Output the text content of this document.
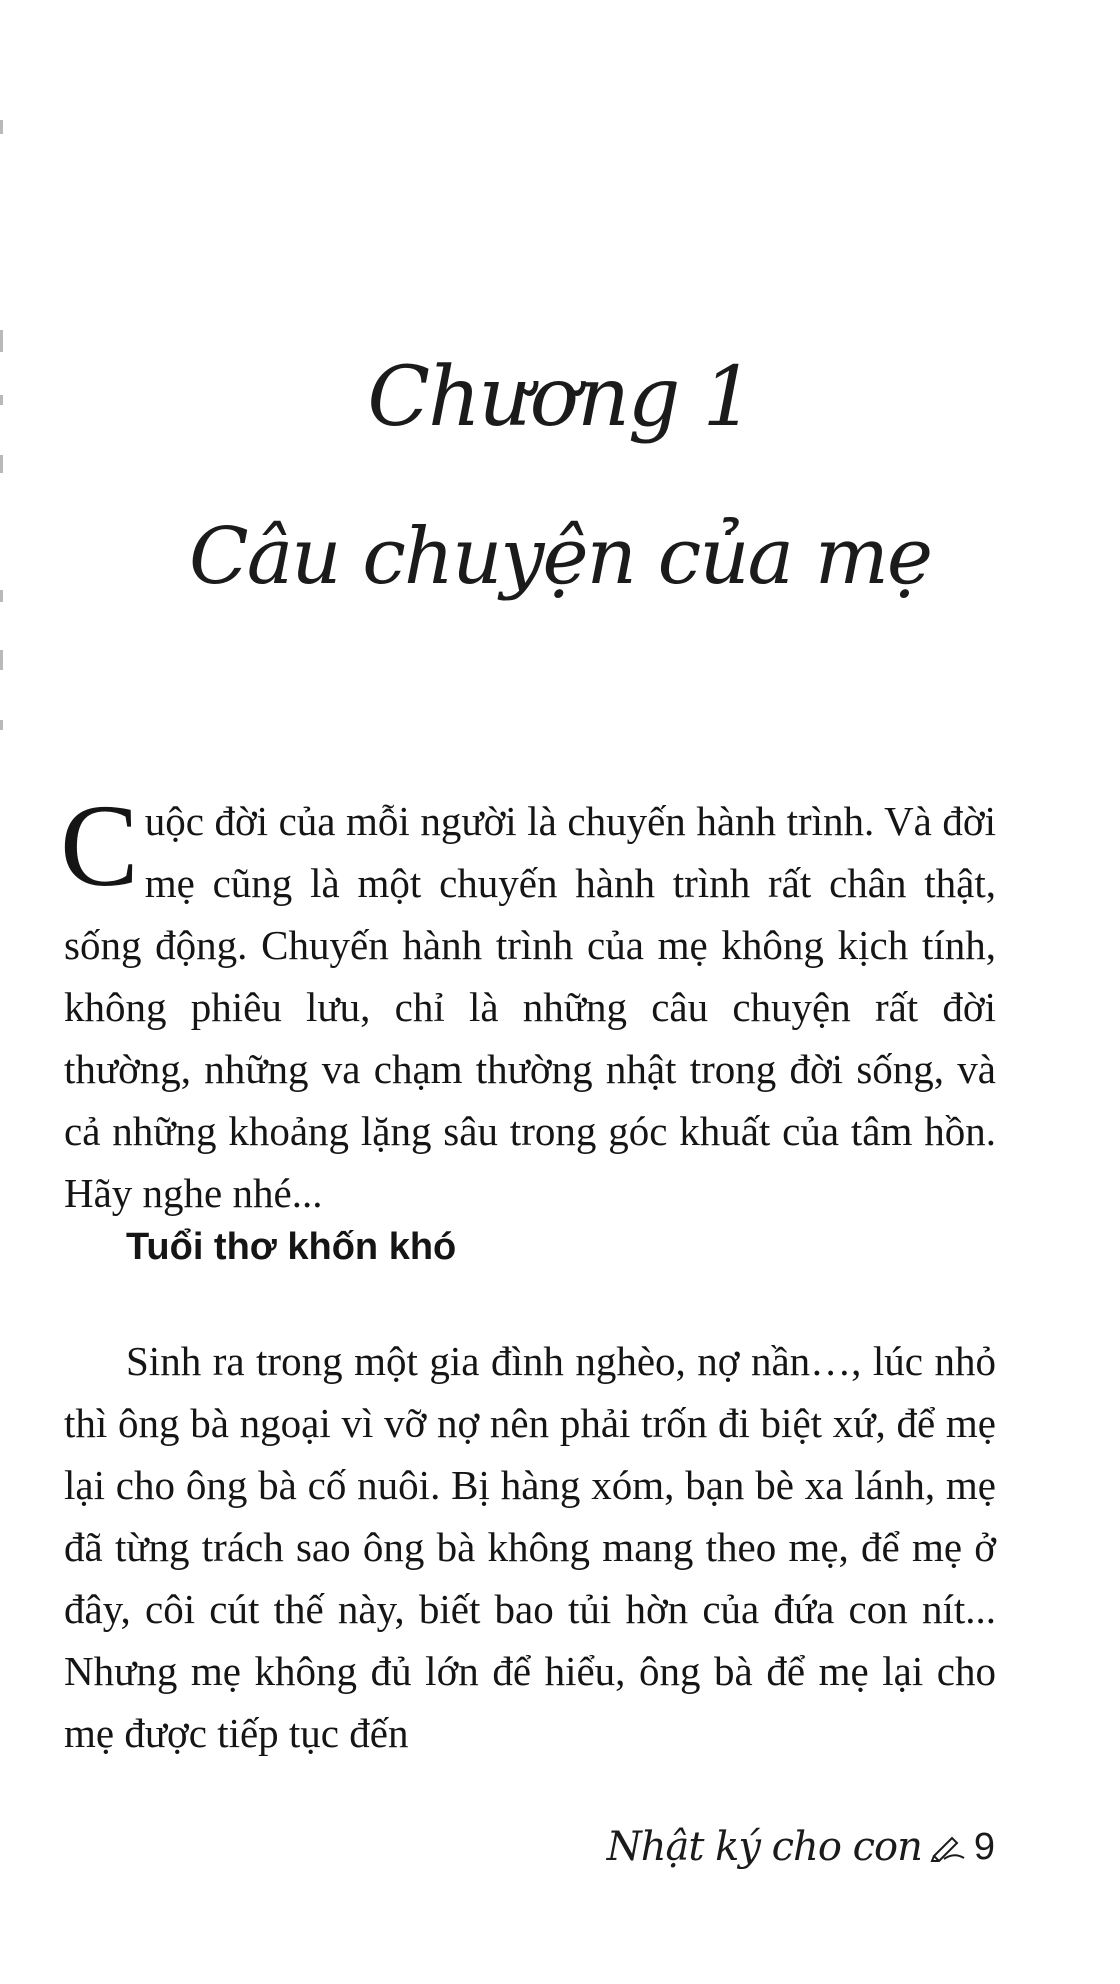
Chương 1
Câu chuyện của mẹ
C uộc đời của mỗi người là chuyến hành trình. Và đời mẹ cũng là một chuyến hành trình rất chân thật, sống động. Chuyến hành trình của mẹ không kịch tính, không phiêu lưu, chỉ là những câu chuyện rất đời thường, những va chạm thường nhật trong đời sống, và cả những khoảng lặng sâu trong góc khuất của tâm hồn. Hãy nghe nhé...
Tuổi thơ khốn khó
Sinh ra trong một gia đình nghèo, nợ nần…, lúc nhỏ thì ông bà ngoại vì vỡ nợ nên phải trốn đi biệt xứ, để mẹ lại cho ông bà cố nuôi. Bị hàng xóm, bạn bè xa lánh, mẹ đã từng trách sao ông bà không mang theo mẹ, để mẹ ở đây, côi cút thế này, biết bao tủi hờn của đứa con nít... Nhưng mẹ không đủ lớn để hiểu, ông bà để mẹ lại cho mẹ được tiếp tục đến
Nhật ký cho con 9
